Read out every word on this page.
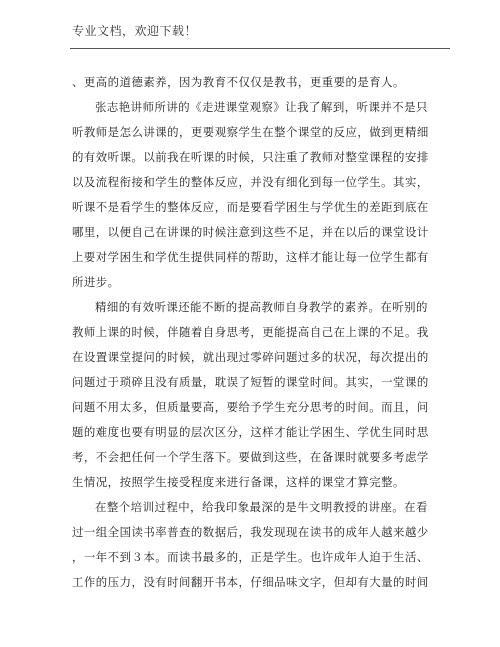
专业文档，欢迎下载！
、更高的道德素养，因为教育不仅仅是教书，更重要的是育人。
张志艳讲师所讲的《走进课堂观察》让我了解到，听课并不是只
听教师是怎么讲课的，更要观察学生在整个课堂的反应，做到更精细
的有效听课。以前我在听课的时候，只注重了教师对整堂课程的安排
以及流程衔接和学生的整体反应，并没有细化到每一位学生。其实，
听课不是看学生的整体反应，而是要看学困生与学优生的差距到底在
哪里，以便自己在讲课的时候注意到这些不足，并在以后的课堂设计
上要对学困生和学优生提供同样的帮助，这样才能让每一位学生都有
所进步。
精细的有效听课还能不断的提高教师自身教学的素养。在听别的
教师上课的时候，伴随着自身思考，更能提高自己在上课的不足。我
在设置课堂提问的时候，就出现过零碎问题过多的状况，每次提出的
问题过于琐碎且没有质量，耽误了短暂的课堂时间。其实，一堂课的
问题不用太多，但质量要高，要给予学生充分思考的时间。而且，问
题的难度也要有明显的层次区分，这样才能让学困生、学优生同时思
考，不会把任何一个学生落下。要做到这些，在备课时就要多考虑学
生情况，按照学生接受程度来进行备课，这样的课堂才算完整。
在整个培训过程中，给我印象最深的是牛文明教授的讲座。在看
过一组全国读书率普查的数据后，我发现现在读书的成年人越来越少
，一年不到３本。而读书最多的，正是学生。也许成年人迫于生活、
工作的压力，没有时间翻开书本，仔细品味文字，但却有大量的时间
